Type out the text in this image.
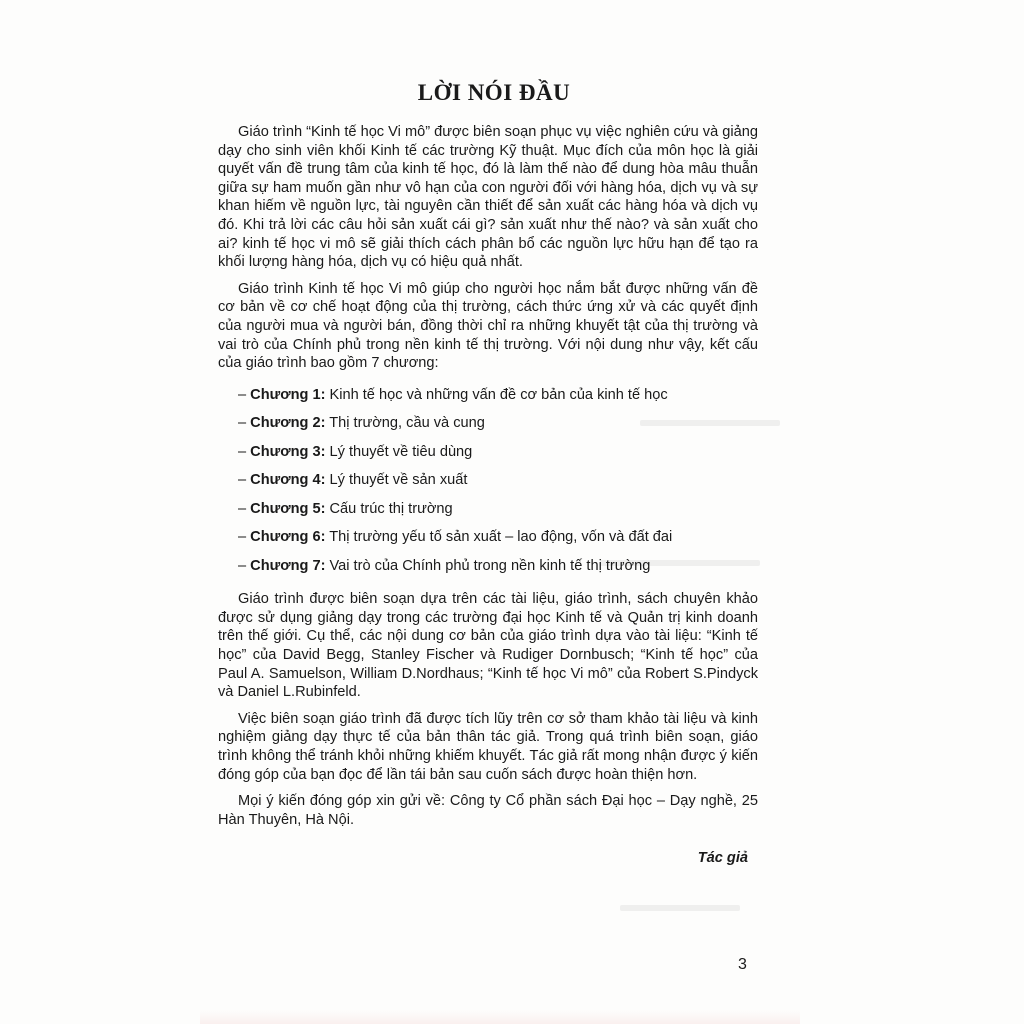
LỜI NÓI ĐẦU

Giáo trình “Kinh tế học Vi mô” được biên soạn phục vụ việc nghiên cứu và giảng dạy cho sinh viên khối Kinh tế các trường Kỹ thuật. Mục đích của môn học là giải quyết vấn đề trung tâm của kinh tế học, đó là làm thế nào để dung hòa mâu thuẫn giữa sự ham muốn gần như vô hạn của con người đối với hàng hóa, dịch vụ và sự khan hiếm về nguồn lực, tài nguyên cần thiết để sản xuất các hàng hóa và dịch vụ đó. Khi trả lời các câu hỏi sản xuất cái gì? sản xuất như thế nào? và sản xuất cho ai? kinh tế học vi mô sẽ giải thích cách phân bổ các nguồn lực hữu hạn để tạo ra khối lượng hàng hóa, dịch vụ có hiệu quả nhất.

Giáo trình Kinh tế học Vi mô giúp cho người học nắm bắt được những vấn đề cơ bản về cơ chế hoạt động của thị trường, cách thức ứng xử và các quyết định của người mua và người bán, đồng thời chỉ ra những khuyết tật của thị trường và vai trò của Chính phủ trong nền kinh tế thị trường. Với nội dung như vậy, kết cấu của giáo trình bao gồm 7 chương:

– Chương 1: Kinh tế học và những vấn đề cơ bản của kinh tế học
– Chương 2: Thị trường, cầu và cung
– Chương 3: Lý thuyết về tiêu dùng
– Chương 4: Lý thuyết về sản xuất
– Chương 5: Cấu trúc thị trường
– Chương 6: Thị trường yếu tố sản xuất – lao động, vốn và đất đai
– Chương 7: Vai trò của Chính phủ trong nền kinh tế thị trường

Giáo trình được biên soạn dựa trên các tài liệu, giáo trình, sách chuyên khảo được sử dụng giảng dạy trong các trường đại học Kinh tế và Quản trị kinh doanh trên thế giới. Cụ thể, các nội dung cơ bản của giáo trình dựa vào tài liệu: “Kinh tế học” của David Begg, Stanley Fischer và Rudiger Dornbusch; “Kinh tế học” của Paul A. Samuelson, William D.Nordhaus; “Kinh tế học Vi mô” của Robert S.Pindyck và Daniel L.Rubinfeld.

Việc biên soạn giáo trình đã được tích lũy trên cơ sở tham khảo tài liệu và kinh nghiệm giảng dạy thực tế của bản thân tác giả. Trong quá trình biên soạn, giáo trình không thể tránh khỏi những khiếm khuyết. Tác giả rất mong nhận được ý kiến đóng góp của bạn đọc để lần tái bản sau cuốn sách được hoàn thiện hơn.

Mọi ý kiến đóng góp xin gửi về: Công ty Cổ phần sách Đại học – Dạy nghề, 25 Hàn Thuyên, Hà Nội.

Tác giả
3
